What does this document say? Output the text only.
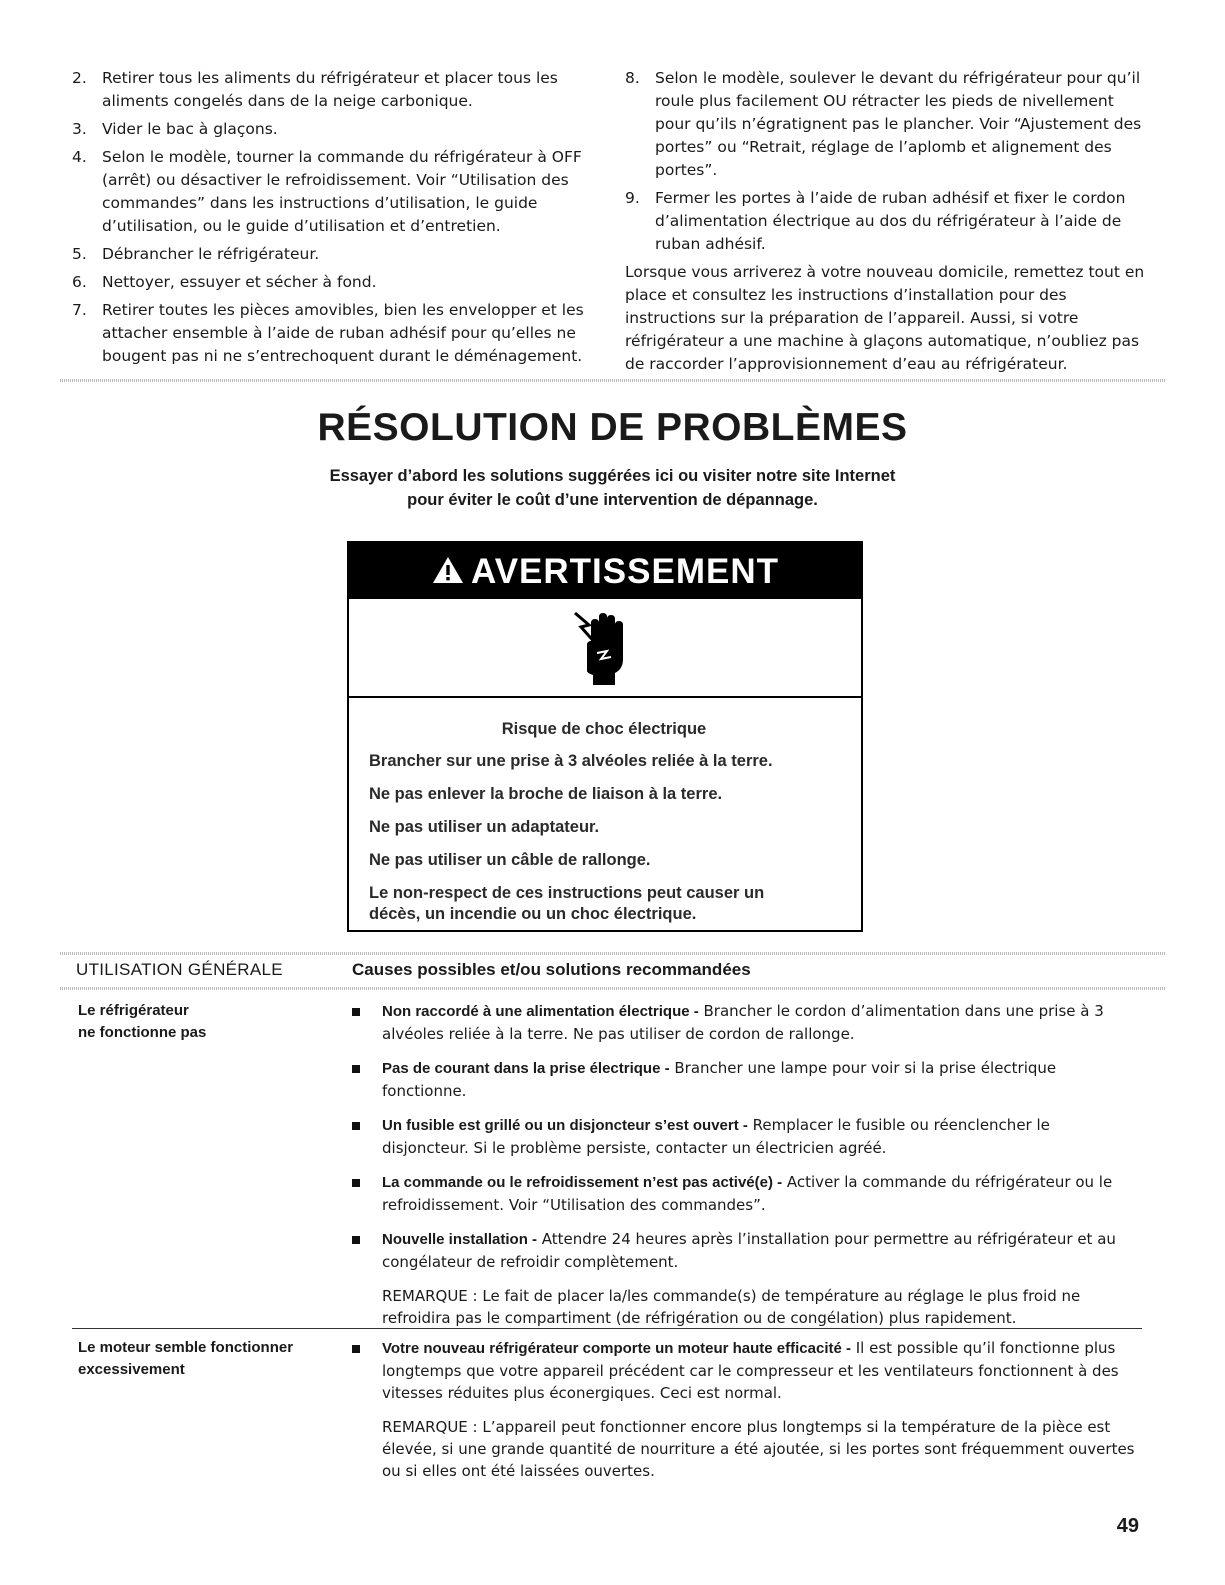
2. Retirer tous les aliments du réfrigérateur et placer tous les aliments congelés dans de la neige carbonique.
3. Vider le bac à glaçons.
4. Selon le modèle, tourner la commande du réfrigérateur à OFF (arrêt) ou désactiver le refroidissement. Voir “Utilisation des commandes” dans les instructions d’utilisation, le guide d’utilisation, ou le guide d’utilisation et d’entretien.
5. Débrancher le réfrigérateur.
6. Nettoyer, essuyer et sécher à fond.
7. Retirer toutes les pièces amovibles, bien les envelopper et les attacher ensemble à l’aide de ruban adhésif pour qu’elles ne bougent pas ni ne s’entrechoquent durant le déménagement.
8. Selon le modèle, soulever le devant du réfrigérateur pour qu’il roule plus facilement OU rétracter les pieds de nivellement pour qu’ils n’égratignent pas le plancher. Voir “Ajustement des portes” ou “Retrait, réglage de l’aplomb et alignement des portes”.
9. Fermer les portes à l’aide de ruban adhésif et fixer le cordon d’alimentation électrique au dos du réfrigérateur à l’aide de ruban adhésif.
Lorsque vous arriverez à votre nouveau domicile, remettez tout en place et consultez les instructions d’installation pour des instructions sur la préparation de l’appareil. Aussi, si votre réfrigérateur a une machine à glaçons automatique, n’oubliez pas de raccorder l’approvisionnement d’eau au réfrigérateur.
RÉSOLUTION DE PROBLÈMES
Essayer d’abord les solutions suggérées ici ou visiter notre site Internet
pour éviter le coût d’une intervention de dépannage.
AVERTISSEMENT
Risque de choc électrique
Brancher sur une prise à 3 alvéoles reliée à la terre.
Ne pas enlever la broche de liaison à la terre.
Ne pas utiliser un adaptateur.
Ne pas utiliser un câble de rallonge.
Le non-respect de ces instructions peut causer un décès, un incendie ou un choc électrique.
UTILISATION GÉNÉRALE	Causes possibles et/ou solutions recommandées
Le réfrigérateur
ne fonctionne pas
Non raccordé à une alimentation électrique - Brancher le cordon d’alimentation dans une prise à 3 alvéoles reliée à la terre. Ne pas utiliser de cordon de rallonge.
Pas de courant dans la prise électrique - Brancher une lampe pour voir si la prise électrique fonctionne.
Un fusible est grillé ou un disjoncteur s’est ouvert - Remplacer le fusible ou réenclencher le disjoncteur. Si le problème persiste, contacter un électricien agréé.
La commande ou le refroidissement n’est pas activé(e) - Activer la commande du réfrigérateur ou le refroidissement. Voir “Utilisation des commandes”.
Nouvelle installation - Attendre 24 heures après l’installation pour permettre au réfrigérateur et au congélateur de refroidir complètement.
REMARQUE : Le fait de placer la/les commande(s) de température au réglage le plus froid ne refroidira pas le compartiment (de réfrigération ou de congélation) plus rapidement.
Le moteur semble fonctionner
excessivement
Votre nouveau réfrigérateur comporte un moteur haute efficacité - Il est possible qu’il fonctionne plus longtemps que votre appareil précédent car le compresseur et les ventilateurs fonctionnent à des vitesses réduites plus éconergiques. Ceci est normal.
REMARQUE : L’appareil peut fonctionner encore plus longtemps si la température de la pièce est élevée, si une grande quantité de nourriture a été ajoutée, si les portes sont fréquemment ouvertes ou si elles ont été laissées ouvertes.
49
